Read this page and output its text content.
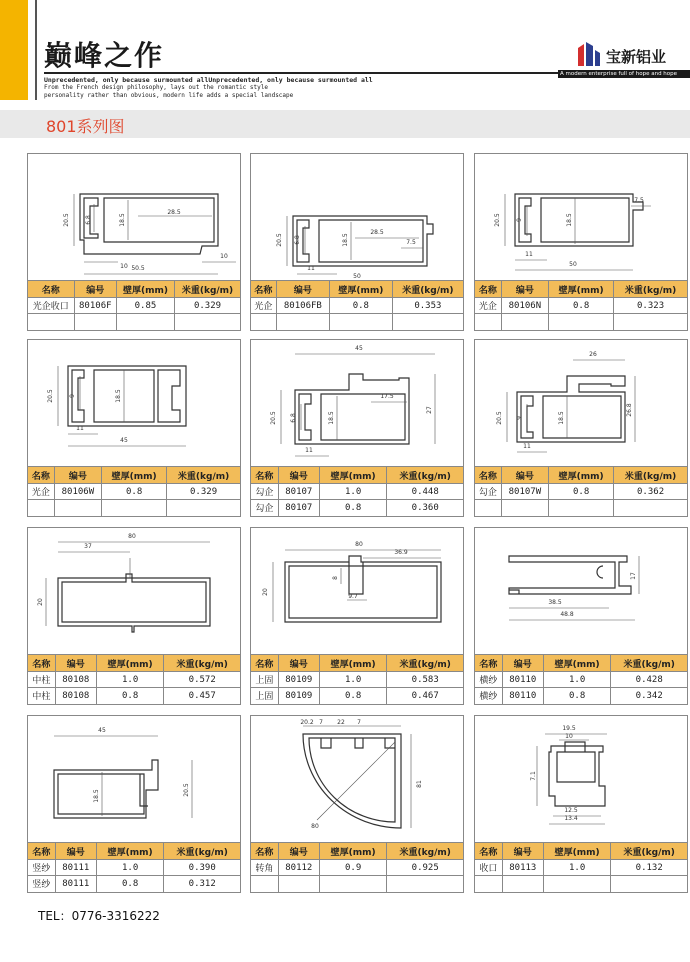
巅峰之作
Unprecedented, only because surmounted allUnprecedented, only because surmounted all
From the French design philosophy, lays out the romantic style
personality rather than obvious, modern life adds a special landscape
宝新铝业
A modern enterprise full of hope and hope
801系列图
20.5	6.8	18.5
28.5
10 50.5
10
名称	编号	壁厚(mm)	米重(kg/m)
光企收口	80106F	0.85	0.329

20.5 6.8	18.5
28.5
7.5
11
50
名称	编号	壁厚(mm)	米重(kg/m)
光企	80106FB	0.8	0.353

20.5	9	18.5
7.5
11
50
名称	编号	壁厚(mm)	米重(kg/m)
光企	80106N	0.8	0.323

20.5	9	18.5
11
45
名称	编号	壁厚(mm)	米重(kg/m)
光企	80106W	0.8	0.329

45
17.5
20.5 6.8	18.5
27
11
名称	编号	壁厚(mm)	米重(kg/m)
勾企	80107	1.0	0.448
勾企	80107	0.8	0.360
26
20.5 9	18.5
26.8
11
名称	编号	壁厚(mm)	米重(kg/m)
勾企	80107W	0.8	0.362

80
37
20
名称	编号	壁厚(mm)	米重(kg/m)
中柱	80108	1.0	0.572
中柱	80108	0.8	0.457
80
36.9
20
8
9.7
名称	编号	壁厚(mm)	米重(kg/m)
上固	80109	1.0	0.583
上固	80109	0.8	0.467
17
38.5
48.8
名称	编号	壁厚(mm)	米重(kg/m)
横纱	80110	1.0	0.428
横纱	80110	0.8	0.342
45
18.5	20.5
名称	编号	壁厚(mm)	米重(kg/m)
竖纱	80111	1.0	0.390
竖纱	80111	0.8	0.312
20.2 7 22 7
81
80
名称	编号	壁厚(mm)	米重(kg/m)
转角	80112	0.9	0.925

19.5
10
7.1
12.5
13.4
名称	编号	壁厚(mm)	米重(kg/m)
收口	80113	1.0	0.132

TEL：0776-3316222
